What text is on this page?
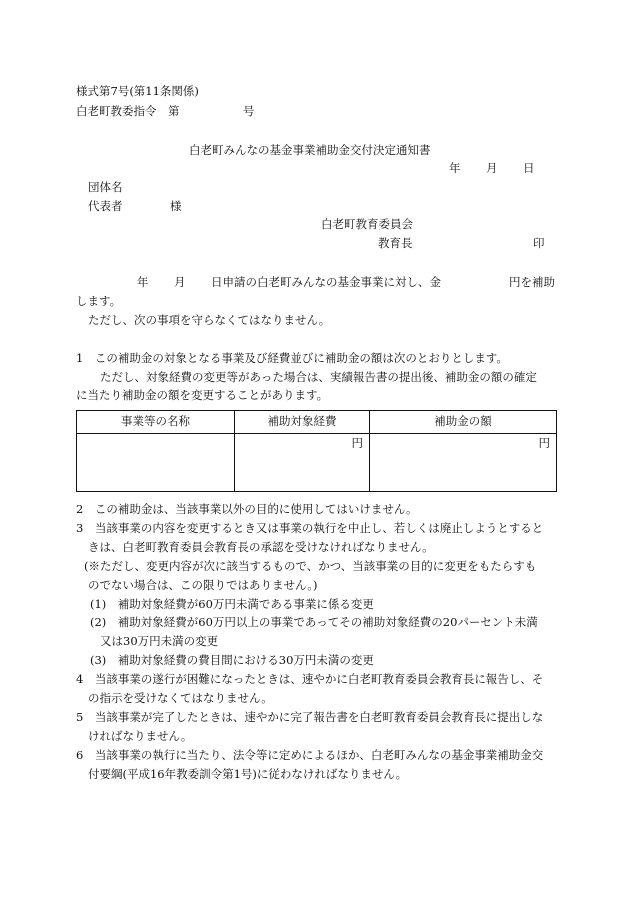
様式第7号(第11条関係)
白老町教委指令　第	号
白老町みんなの基金事業補助金交付決定通知書
年 月 日
団体名
代表者	様
白老町教育委員会
教育長	印
年 月 日申請の白老町みんなの基金事業に対し、金	円を補助
します。
ただし、次の事項を守らなくてはなりません。
1　この補助金の対象となる事業及び経費並びに補助金の額は次のとおりとします。
ただし、対象経費の変更等があった場合は、実績報告書の提出後、補助金の額の確定
に当たり補助金の額を変更することがあります。
事業等の名称	補助対象経費	補助金の額
	円	円
2　この補助金は、当該事業以外の目的に使用してはいけません。
3　当該事業の内容を変更するとき又は事業の執行を中止し、若しくは廃止しようとすると
きは、白老町教育委員会教育長の承認を受けなければなりません。
(※ただし、変更内容が次に該当するもので、かつ、当該事業の目的に変更をもたらすも
のでない場合は、この限りではありません。)
(1)　補助対象経費が60万円未満である事業に係る変更
(2)　補助対象経費が60万円以上の事業であってその補助対象経費の20パーセント未満
又は30万円未満の変更
(3)　補助対象経費の費目間における30万円未満の変更
4　当該事業の遂行が困難になったときは、速やかに白老町教育委員会教育長に報告し、そ
の指示を受けなくてはなりません。
5　当該事業が完了したときは、速やかに完了報告書を白老町教育委員会教育長に提出しな
ければなりません。
6　当該事業の執行に当たり、法令等に定めによるほか、白老町みんなの基金事業補助金交
付要綱(平成16年教委訓令第1号)に従わなければなりません。
